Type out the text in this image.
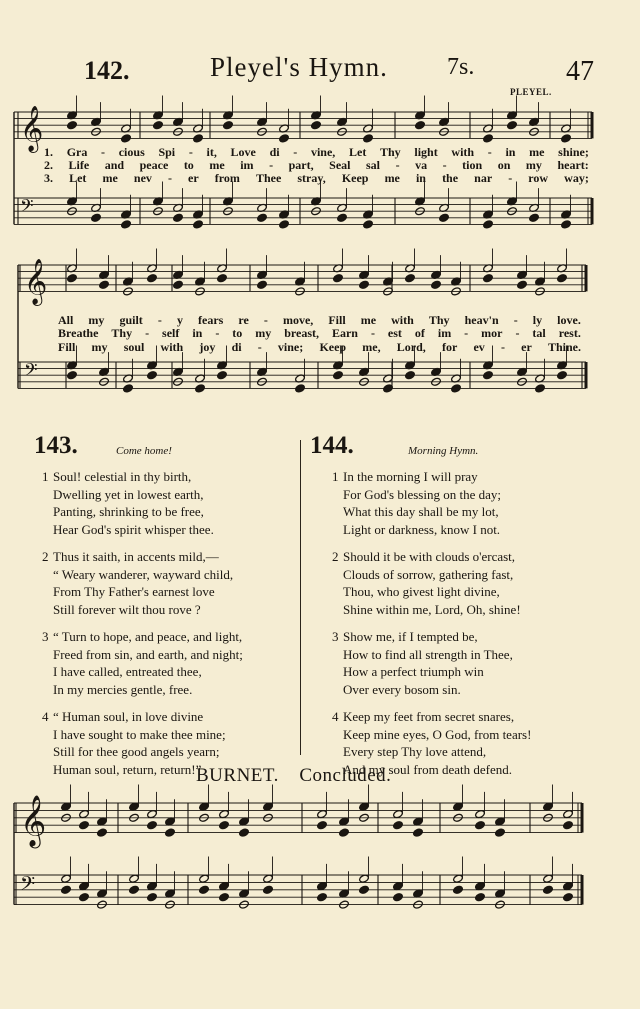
142.	Pleyel's Hymn. 7s.	47
PLEYEL.
𝄞
𝄢
𝄞
𝄢
𝄞
𝄢
1. Gra - cious Spi - it, Love di - vine, Let Thy light with - in me shine;
2. Life and peace to me im - part, Seal sal - va - tion on my heart:
3. Let me nev - er from Thee stray, Keep me in the nar - row way;
All my guilt - y fears re - move, Fill me with Thy heav'n - ly love.
Breathe Thy - self in - to my breast, Earn - est of im - mor - tal rest.
Fill my soul with joy di - vine; Keep me, Lord, for ev - er Thine.
143.	Come home!
1 Soul! celestial in thy birth,
Dwelling yet in lowest earth,
Panting, shrinking to be free,
Hear God's spirit whisper thee.
2 Thus it saith, in accents mild,—
“ Weary wanderer, wayward child,
From Thy Father's earnest love
Still forever wilt thou rove ?
3 “ Turn to hope, and peace, and light,
Freed from sin, and earth, and night;
I have called, entreated thee,
In my mercies gentle, free.
4 “ Human soul, in love divine
I have sought to make thee mine;
Still for thee good angels yearn;
Human soul, return, return!”
144.	Morning Hymn.
1 In the morning I will pray
For God's blessing on the day;
What this day shall be my lot,
Light or darkness, know I not.
2 Should it be with clouds o'ercast,
Clouds of sorrow, gathering fast,
Thou, who givest light divine,
Shine within me, Lord, Oh, shine!
3 Show me, if I tempted be,
How to find all strength in Thee,
How a perfect triumph win
Over every bosom sin.
4 Keep my feet from secret snares,
Keep mine eyes, O God, from tears!
Every step Thy love attend,
And my soul from death defend.
BURNET. Concluded.
